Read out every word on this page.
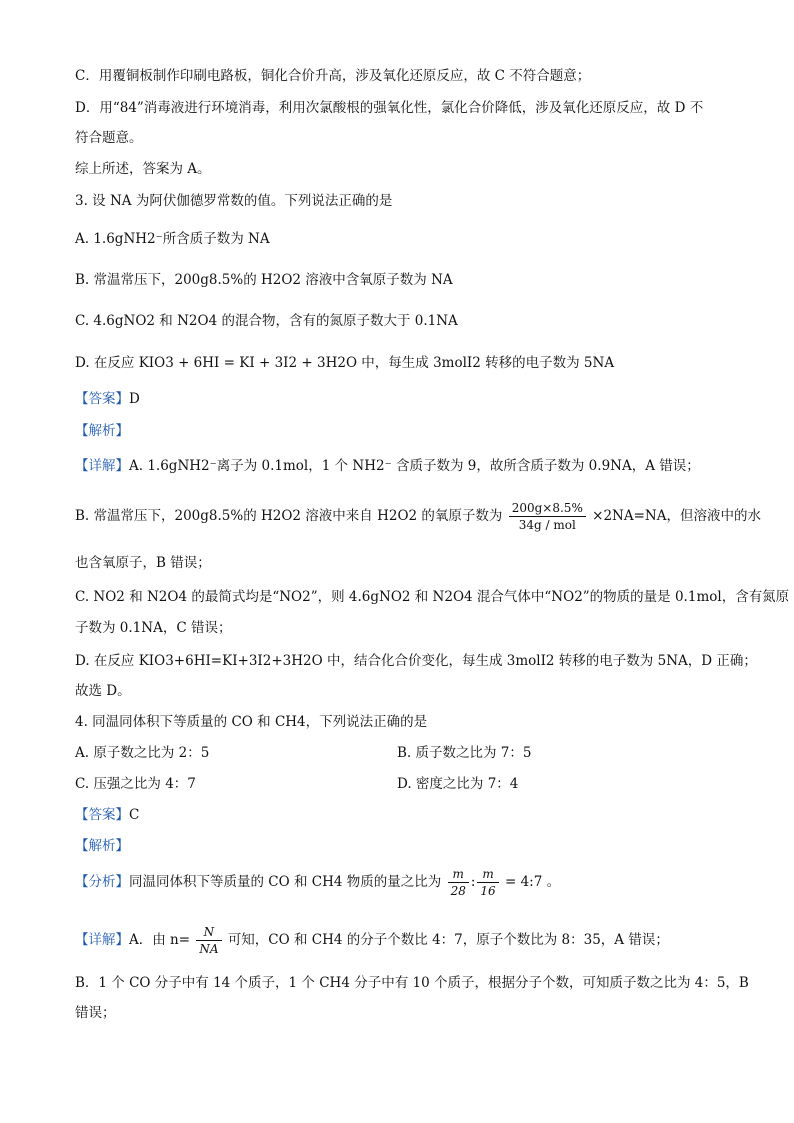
C．用覆铜板制作印刷电路板，铜化合价升高，涉及氧化还原反应，故 C 不符合题意；
D．用“84”消毒液进行环境消毒，利用次氯酸根的强氧化性，氯化合价降低，涉及氧化还原反应，故 D 不
符合题意。
综上所述，答案为 A。
3. 设 NA 为阿伏伽德罗常数的值。下列说法正确的是
A. 1.6gNH2⁻所含质子数为 NA
B. 常温常压下，200g8.5%的 H2O2 溶液中含氧原子数为 NA
C. 4.6gNO2 和 N2O4 的混合物，含有的氮原子数大于 0.1NA
D. 在反应 KIO3 + 6HI = KI + 3I2 + 3H2O 中，每生成 3molI2 转移的电子数为 5NA
【答案】D
【解析】
【详解】A. 1.6gNH2⁻离子为 0.1mol，1 个 NH2⁻ 含质子数为 9，故所含质子数为 0.9NA，A 错误；
B. 常温常压下，200g8.5%的 H2O2 溶液中来自 H2O2 的氧原子数为 $\frac{200g\times 8.5\%}{\text{34g / mol}} \times 2NA=NA$，但溶液中的水
也含氧原子，B 错误；
C. NO2 和 N2O4 的最简式均是“NO2”，则 4.6gNO2 和 N2O4 混合气体中“NO2”的物质的量是 0.1mol，含有氮原
子数为 0.1NA，C 错误；
D. 在反应 KIO3+6HI=KI+3I2+3H2O 中，结合化合价变化，每生成 3molI2 转移的电子数为 5NA，D 正确；
故选 D。
4. 同温同体积下等质量的 CO 和 CH4，下列说法正确的是
A. 原子数之比为 2：5	B. 质子数之比为 7：5
C. 压强之比为 4：7	D. 密度之比为 7：4
【答案】C
【解析】
【分析】同温同体积下等质量的 CO 和 CH4 物质的量之比为 $\frac{m}{28}$ : $\frac{m}{16}$ = 4:7 。
【详解】A．由 $n= \frac{N}{NA}$ 可知，CO 和 CH4 的分子个数比 4：7，原子个数比为 8：35，A 错误；
B．1 个 CO 分子中有 14 个质子，1 个 CH4 分子中有 10 个质子，根据分子个数，可知质子数之比为 4：5，B
错误；
